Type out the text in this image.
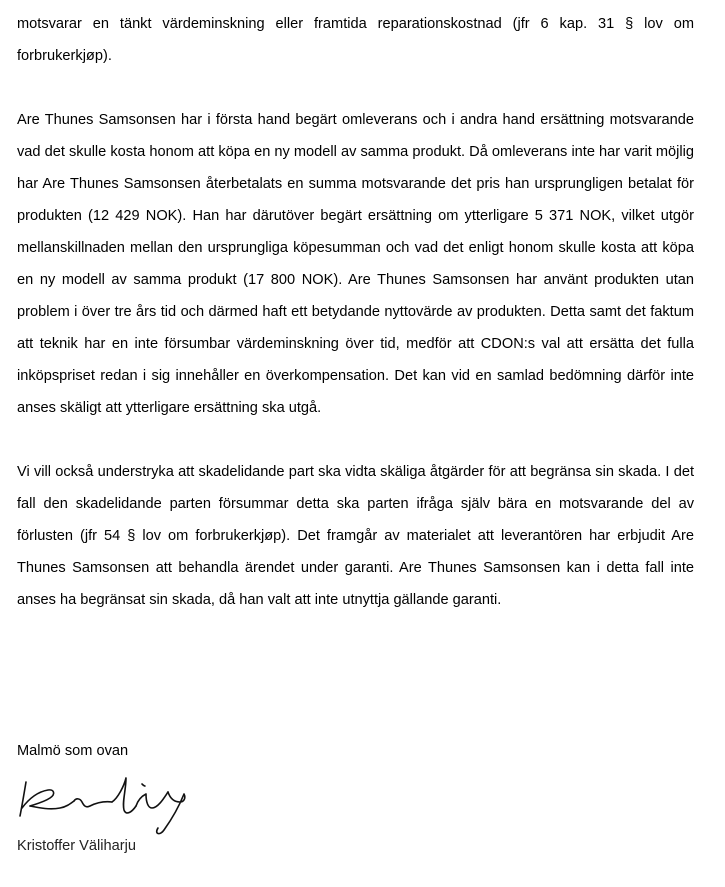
motsvarar en tänkt värdeminskning eller framtida reparationskostnad (jfr 6 kap. 31 § lov om forbrukerkjøp).

Are Thunes Samsonsen har i första hand begärt omleverans och i andra hand ersättning motsvarande vad det skulle kosta honom att köpa en ny modell av samma produkt. Då omleverans inte har varit möjlig har Are Thunes Samsonsen återbetalats en summa motsvarande det pris han ursprungligen betalat för produkten (12 429 NOK). Han har därutöver begärt ersättning om ytterligare 5 371 NOK, vilket utgör mellanskillnaden mellan den ursprungliga köpesumman och vad det enligt honom skulle kosta att köpa en ny modell av samma produkt (17 800 NOK). Are Thunes Samsonsen har använt produkten utan problem i över tre års tid och därmed haft ett betydande nyttovärde av produkten. Detta samt det faktum att teknik har en inte försumbar värdeminskning över tid, medför att CDON:s val att ersätta det fulla inköpspriset redan i sig innehåller en överkompensation. Det kan vid en samlad bedömning därför inte anses skäligt att ytterligare ersättning ska utgå.

Vi vill också understryka att skadelidande part ska vidta skäliga åtgärder för att begränsa sin skada. I det fall den skadelidande parten försummar detta ska parten ifråga själv bära en motsvarande del av förlusten (jfr 54 § lov om forbrukerkjøp). Det framgår av materialet att leverantören har erbjudit Are Thunes Samsonsen att behandla ärendet under garanti. Are Thunes Samsonsen kan i detta fall inte anses ha begränsat sin skada, då han valt att inte utnyttja gällande garanti.

Malmö som ovan

Kristoffer Väliharju
